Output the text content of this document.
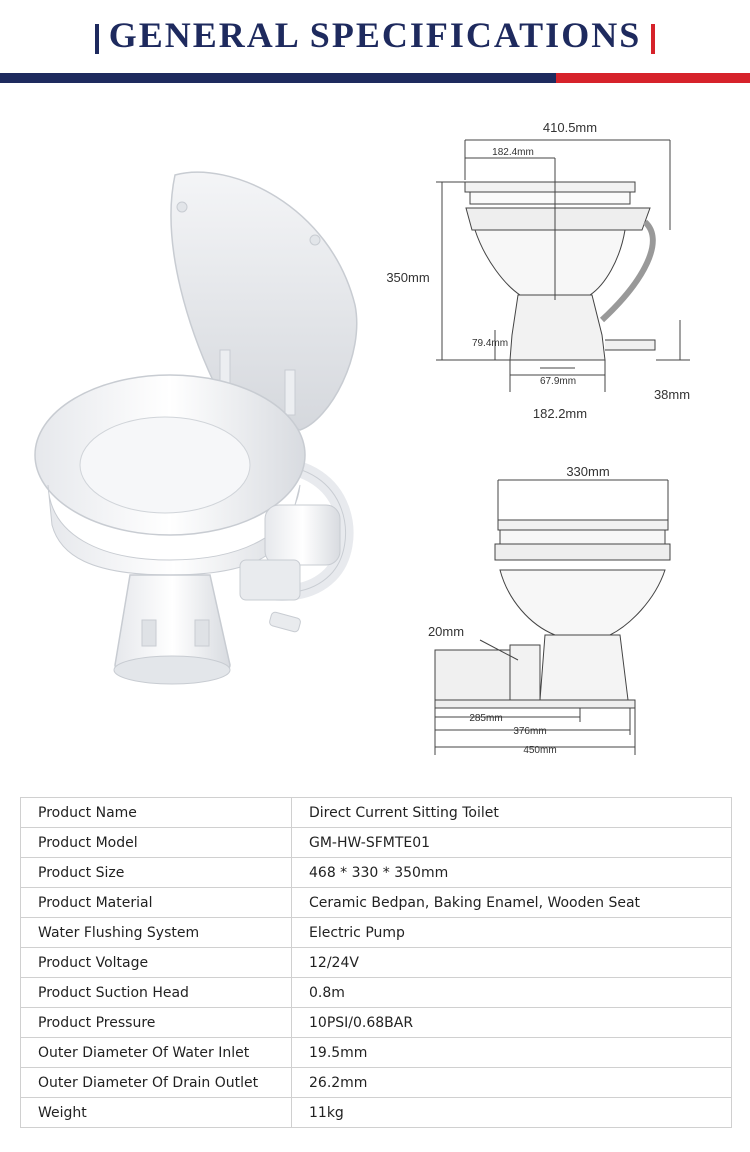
GENERAL SPECIFICATIONS
410.5mm
182.4mm
350mm
79.4mm
67.9mm
182.2mm
38mm
330mm
20mm
285mm
376mm
450mm
Product Name	Direct Current Sitting Toilet
Product Model	GM-HW-SFMTE01
Product Size	468 * 330 * 350mm
Product Material	Ceramic Bedpan, Baking Enamel, Wooden Seat
Water Flushing System	Electric Pump
Product Voltage	12/24V
Product Suction Head	0.8m
Product Pressure	10PSI/0.68BAR
Outer Diameter Of Water Inlet	19.5mm
Outer Diameter Of Drain Outlet	26.2mm
Weight	11kg
